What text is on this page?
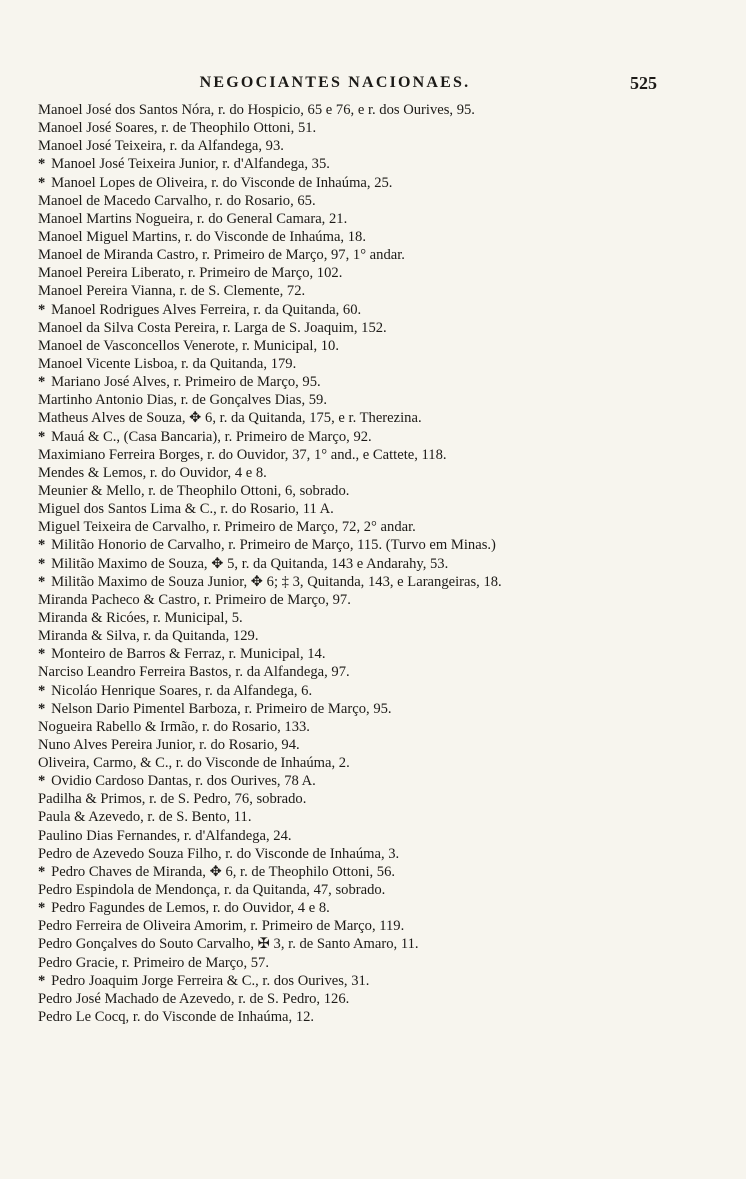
NEGOCIANTES NACIONAES.	525
Manoel José dos Santos Nóra, r. do Hospicio, 65 e 76, e r. dos Ourives, 95.
Manoel José Soares, r. de Theophilo Ottoni, 51.
Manoel José Teixeira, r. da Alfandega, 93.
* Manoel José Teixeira Junior, r. d'Alfandega, 35.
* Manoel Lopes de Oliveira, r. do Visconde de Inhaúma, 25.
Manoel de Macedo Carvalho, r. do Rosario, 65.
Manoel Martins Nogueira, r. do General Camara, 21.
Manoel Miguel Martins, r. do Visconde de Inhaúma, 18.
Manoel de Miranda Castro, r. Primeiro de Março, 97, 1° andar.
Manoel Pereira Liberato, r. Primeiro de Março, 102.
Manoel Pereira Vianna, r. de S. Clemente, 72.
* Manoel Rodrigues Alves Ferreira, r. da Quitanda, 60.
Manoel da Silva Costa Pereira, r. Larga de S. Joaquim, 152.
Manoel de Vasconcellos Venerote, r. Municipal, 10.
Manoel Vicente Lisboa, r. da Quitanda, 179.
* Mariano José Alves, r. Primeiro de Março, 95.
Martinho Antonio Dias, r. de Gonçalves Dias, 59.
Matheus Alves de Souza, ✥ 6, r. da Quitanda, 175, e r. Therezina.
* Mauá & C., (Casa Bancaria), r. Primeiro de Março, 92.
Maximiano Ferreira Borges, r. do Ouvidor, 37, 1° and., e Cattete, 118.
Mendes & Lemos, r. do Ouvidor, 4 e 8.
Meunier & Mello, r. de Theophilo Ottoni, 6, sobrado.
Miguel dos Santos Lima & C., r. do Rosario, 11 A.
Miguel Teixeira de Carvalho, r. Primeiro de Março, 72, 2° andar.
* Militão Honorio de Carvalho, r. Primeiro de Março, 115. (Turvo em Minas.)
* Militão Maximo de Souza, ✥ 5, r. da Quitanda, 143 e Andarahy, 53.
* Militão Maximo de Souza Junior, ✥ 6; ‡ 3, Quitanda, 143, e Larangeiras, 18.
Miranda Pacheco & Castro, r. Primeiro de Março, 97.
Miranda & Ricóes, r. Municipal, 5.
Miranda & Silva, r. da Quitanda, 129.
* Monteiro de Barros & Ferraz, r. Municipal, 14.
Narciso Leandro Ferreira Bastos, r. da Alfandega, 97.
* Nicoláo Henrique Soares, r. da Alfandega, 6.
* Nelson Dario Pimentel Barboza, r. Primeiro de Março, 95.
Nogueira Rabello & Irmão, r. do Rosario, 133.
Nuno Alves Pereira Junior, r. do Rosario, 94.
Oliveira, Carmo, & C., r. do Visconde de Inhaúma, 2.
* Ovidio Cardoso Dantas, r. dos Ourives, 78 A.
Padilha & Primos, r. de S. Pedro, 76, sobrado.
Paula & Azevedo, r. de S. Bento, 11.
Paulino Dias Fernandes, r. d'Alfandega, 24.
Pedro de Azevedo Souza Filho, r. do Visconde de Inhaúma, 3.
* Pedro Chaves de Miranda, ✥ 6, r. de Theophilo Ottoni, 56.
Pedro Espindola de Mendonça, r. da Quitanda, 47, sobrado.
* Pedro Fagundes de Lemos, r. do Ouvidor, 4 e 8.
Pedro Ferreira de Oliveira Amorim, r. Primeiro de Março, 119.
Pedro Gonçalves do Souto Carvalho, ✠ 3, r. de Santo Amaro, 11.
Pedro Gracie, r. Primeiro de Março, 57.
* Pedro Joaquim Jorge Ferreira & C., r. dos Ourives, 31.
Pedro José Machado de Azevedo, r. de S. Pedro, 126.
Pedro Le Cocq, r. do Visconde de Inhaúma, 12.
